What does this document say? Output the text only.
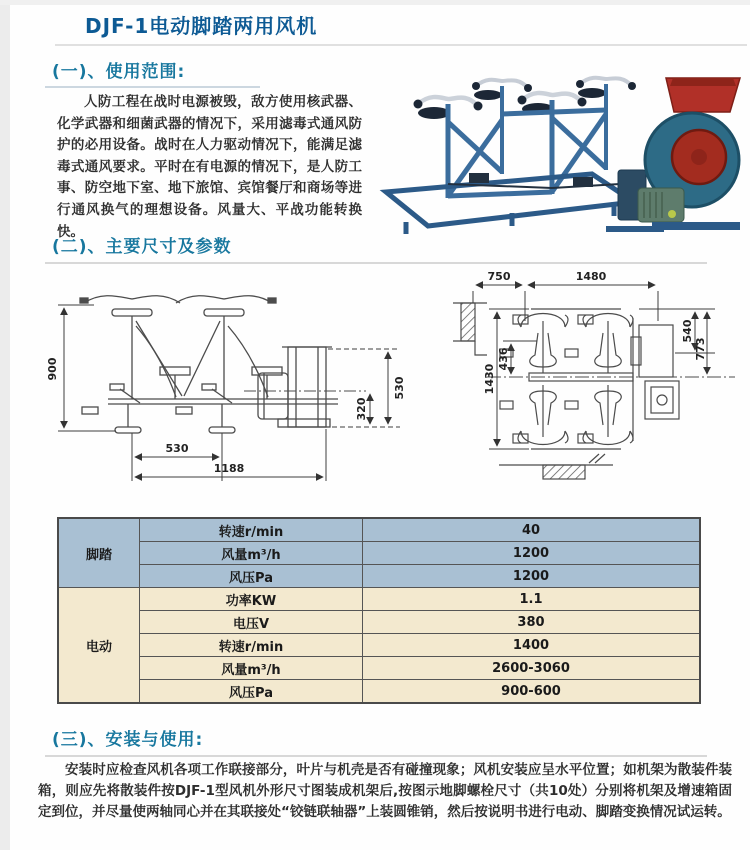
DJF-1电动脚踏两用风机
(一)、使用范围:
人防工程在战时电源被毁，敌方使用核武器、化学武器和细菌武器的情况下，采用滤毒式通风防护的必用设备。战时在人力驱动情况下，能满足滤毒式通风要求。平时在有电源的情况下，是人防工事、防空地下室、地下旅馆、宾馆餐厅和商场等进行通风换气的理想设备。风量大、平战功能转换快。
(二)、主要尺寸及参数
900
530
1188
530
320
750	1480
1430
436
540
773
脚踏	转速r/min	40
	风量m³/h	1200
	风压Pa	1200
电动	功率KW	1.1
	电压V	380
	转速r/min	1400
	风量m³/h	2600-3060
	风压Pa	900-600
(三)、安装与使用:
安装时应检查风机各项工作联接部分，叶片与机壳是否有碰撞现象；风机安装应呈水平位置；如机架为散装件装箱，则应先将散装件按DJF-1型风机外形尺寸图装成机架后,按图示地脚螺栓尺寸（共10处）分别将机架及增速箱固定到位，并尽量使两轴同心并在其联接处“铰链联轴器”上装圆锥销，然后按说明书进行电动、脚踏变换情况试运转。
